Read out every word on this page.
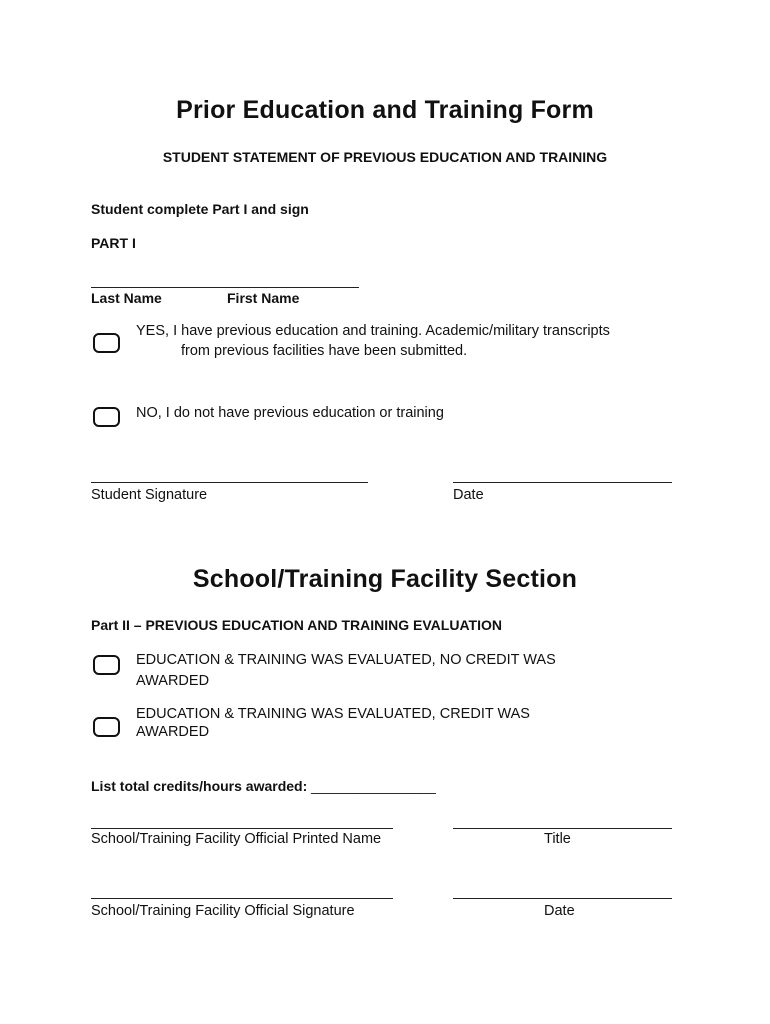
Prior Education and Training Form
STUDENT STATEMENT OF PREVIOUS EDUCATION AND TRAINING
Student complete Part I and sign
PART I
Last Name	First Name
YES, I have previous education and training. Academic/military transcripts
from previous facilities have been submitted.
NO, I do not have previous education or training
Student Signature	Date
School/Training Facility Section
Part II – PREVIOUS EDUCATION AND TRAINING EVALUATION
EDUCATION & TRAINING WAS EVALUATED, NO CREDIT WAS
AWARDED
EDUCATION & TRAINING WAS EVALUATED, CREDIT WAS
AWARDED
List total credits/hours awarded: ________________
School/Training Facility Official Printed Name	Title
School/Training Facility Official Signature	Date
